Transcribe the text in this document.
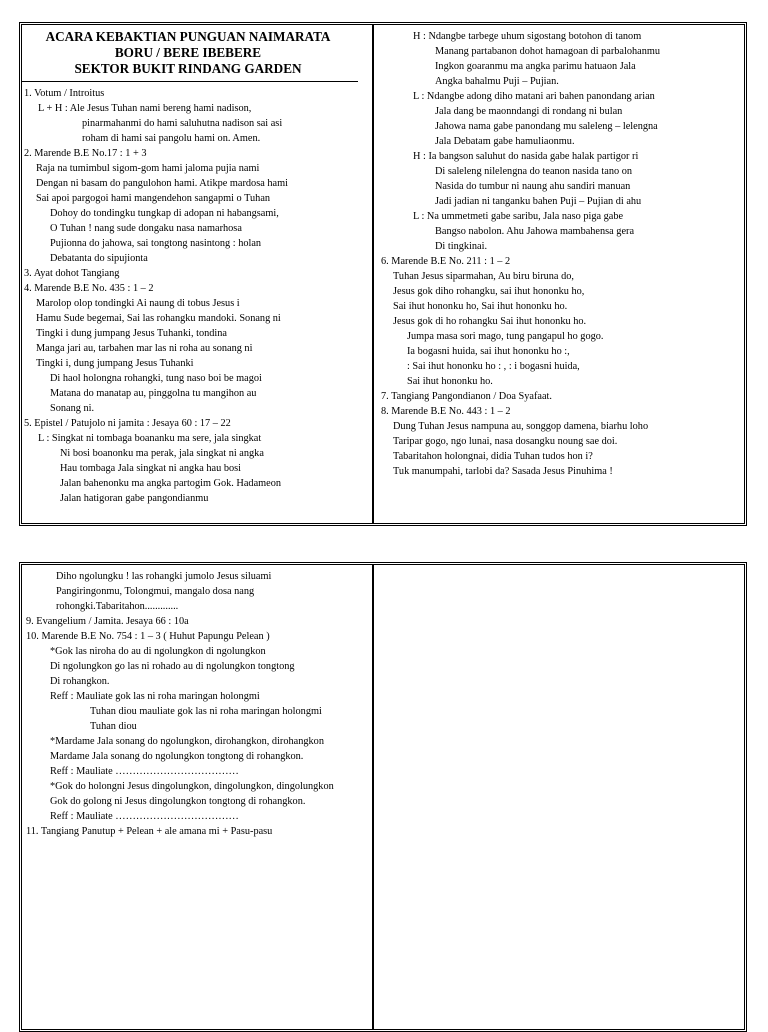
ACARA KEBAKTIAN PUNGUAN NAIMARATA
BORU / BERE IBEBERE
SEKTOR BUKIT RINDANG GARDEN
1. Votum / Introitus
L + H : Ale Jesus Tuhan nami bereng hami nadison,
pinarmahanmi do hami saluhutna nadison sai asi
roham di hami sai pangolu hami on. Amen.
2. Marende B.E No.17 : 1 + 3
Raja na tumimbul sigom-gom hami jaloma pujia nami
Dengan ni basam do pangulohon hami. Atikpe mardosa hami
Sai apoi pargogoi hami mangendehon sangapmi o Tuhan
Dohoy do tondingku tungkap di adopan ni habangsami,
O Tuhan ! nang sude dongaku nasa namarhosa
Pujionna do jahowa, sai tongtong nasintong : holan
Debatanta do sipujionta
3. Ayat dohot Tangiang
4. Marende B.E No. 435 : 1 – 2
Marolop olop tondingki Ai naung di tobus Jesus i
Hamu Sude begemai, Sai las rohangku mandoki. Sonang ni
Tingki i dung jumpang Jesus Tuhanki, tondina
Manga jari au, tarbahen mar las ni roha au sonang ni
Tingki i, dung jumpang Jesus Tuhanki
Di haol holongna rohangki, tung naso boi be magoi
Matana do manatap au, pinggolna tu mangihon au
Sonang ni.
5. Epistel / Patujolo ni jamita : Jesaya 60 : 17 – 22
L : Singkat ni tombaga boananku ma sere, jala singkat
Ni bosi boanonku ma perak, jala singkat ni angka
Hau tombaga Jala singkat ni angka hau bosi
Jalan bahenonku ma angka partogim Gok. Hadameon
Jalan hatigoran gabe pangondianmu
H : Ndangbe tarbege uhum sigostang botohon di tanom
Manang partabanon dohot hamagoan di parbalohanmu
Ingkon goaranmu ma angka parimu hatuaon Jala
Angka bahalmu Puji – Pujian.
L : Ndangbe adong diho matani ari bahen panondang arian
Jala dang be maonndangi di rondang ni bulan
Jahowa nama gabe panondang mu saleleng – lelengna
Jala Debatam gabe hamuliaonmu.
H : Ia bangson saluhut do nasida gabe halak partigor ri
Di saleleng nilelengna do teanon nasida tano on
Nasida do tumbur ni naung ahu sandiri manuan
Jadi jadian ni tanganku bahen Puji – Pujian di ahu
L : Na ummetmeti gabe saribu, Jala naso piga gabe
Bangso nabolon. Ahu Jahowa mambahensa gera
Di tingkinai.
6. Marende B.E No. 211 : 1 – 2
Tuhan Jesus siparmahan, Au biru biruna do,
Jesus gok diho rohangku, sai ihut hononku ho,
Sai ihut hononku ho, Sai ihut hononku ho.
Jesus gok di ho rohangku Sai ihut hononku ho.
Jumpa masa sori mago, tung pangapul ho gogo.
Ia bogasni huida, sai ihut hononku ho :,
: Sai ihut hononku ho : , : i bogasni huida,
Sai ihut hononku ho.
7. Tangiang Pangondianon / Doa Syafaat.
8. Marende B.E No. 443 : 1 – 2
Dung Tuhan Jesus nampuna au, songgop damena, biarhu loho
Taripar gogo, ngo lunai, nasa dosangku noung sae doi.
Tabaritahon holongnai, didia Tuhan tudos hon i?
Tuk manumpahi, tarlobi da? Sasada Jesus Pinuhima !
Diho ngolungku ! las rohangki jumolo Jesus siluami
Pangiringonmu, Tolongmui, mangalo dosa nang
rohongki.Tabaritahon.............
9. Evangelium / Jamita. Jesaya 66 : 10a
10. Marende B.E No. 754 : 1 – 3 ( Huhut Papungu Pelean )
*Gok las niroha do au di ngolungkon di ngolungkon
Di ngolungkon go las ni rohado au di ngolungkon tongtong
Di rohangkon.
Reff : Mauliate gok las ni roha maringan holongmi
Tuhan diou mauliate gok las ni roha maringan holongmi
Tuhan diou
*Mardame Jala sonang do ngolungkon, dirohangkon, dirohangkon
Mardame Jala sonang do ngolungkon tongtong di rohangkon.
Reff : Mauliate ………………………………
*Gok do holongni Jesus dingolungkon, dingolungkon, dingolungkon
Gok do golong ni Jesus dingolungkon tongtong di rohangkon.
Reff : Mauliate ………………………………
11. Tangiang Panutup + Pelean + ale amana mi + Pasu-pasu
